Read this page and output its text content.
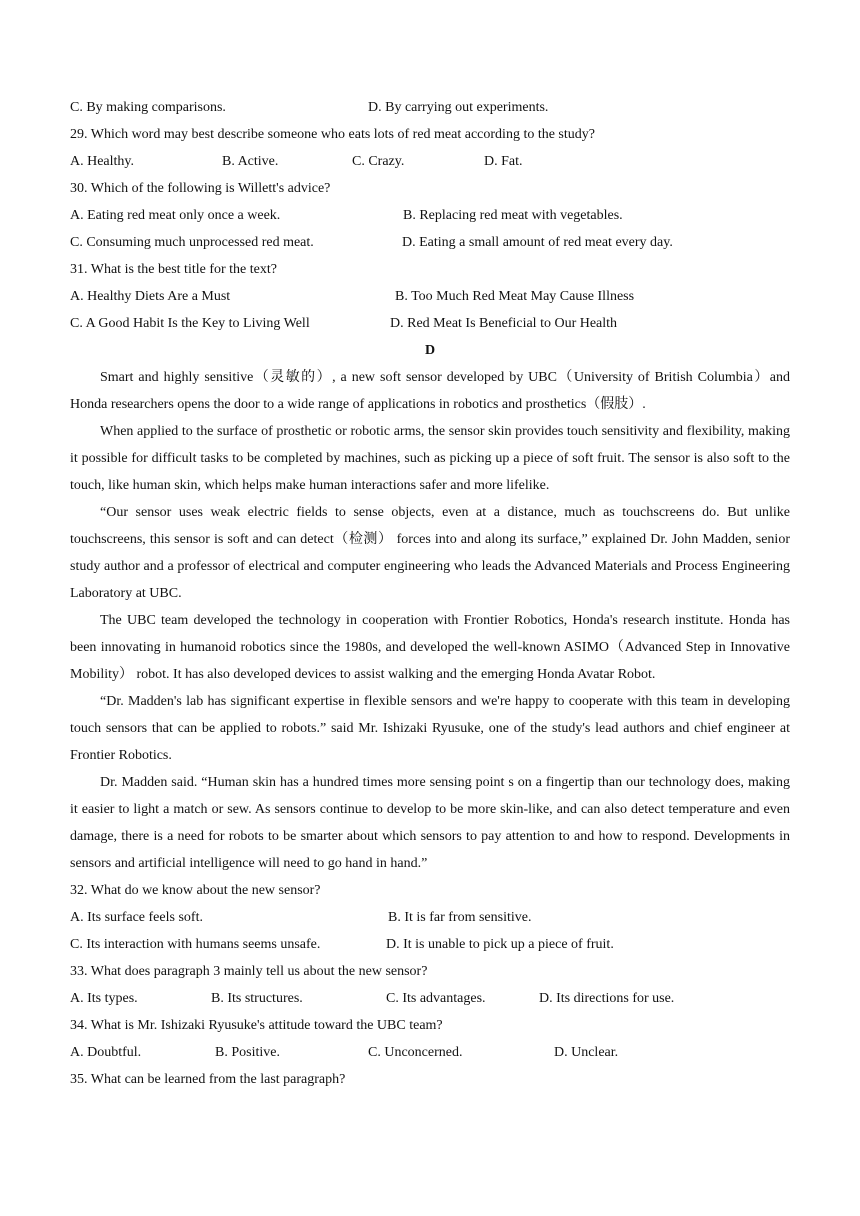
C. By making comparisons.	D. By carrying out experiments.
29. Which word may best describe someone who eats lots of red meat according to the study?
A. Healthy.	B. Active.	C. Crazy.	D. Fat.
30. Which of the following is Willett's advice?
A. Eating red meat only once a week.	B. Replacing red meat with vegetables.
C. Consuming much unprocessed red meat.	D. Eating a small amount of red meat every day.
31. What is the best title for the text?
A. Healthy Diets Are a Must	B. Too Much Red Meat May Cause Illness
C. A Good Habit Is the Key to Living Well	D. Red Meat Is Beneficial to Our Health
D

Smart and highly sensitive（灵敏的）, a new soft sensor developed by UBC（University of British Columbia）and Honda researchers opens the door to a wide range of applications in robotics and prosthetics（假肢）.

When applied to the surface of prosthetic or robotic arms, the sensor skin provides touch sensitivity and flexibility, making it possible for difficult tasks to be completed by machines, such as picking up a piece of soft fruit. The sensor is also soft to the touch, like human skin, which helps make human interactions safer and more lifelike.

“Our sensor uses weak electric fields to sense objects, even at a distance, much as touchscreens do. But unlike touchscreens, this sensor is soft and can detect（检测） forces into and along its surface,” explained Dr. John Madden, senior study author and a professor of electrical and computer engineering who leads the Advanced Materials and Process Engineering Laboratory at UBC.

The UBC team developed the technology in cooperation with Frontier Robotics, Honda's research institute. Honda has been innovating in humanoid robotics since the 1980s, and developed the well-known ASIMO（Advanced Step in Innovative Mobility） robot. It has also developed devices to assist walking and the emerging Honda Avatar Robot.

“Dr. Madden's lab has significant expertise in flexible sensors and we're happy to cooperate with this team in developing touch sensors that can be applied to robots.” said Mr. Ishizaki Ryusuke, one of the study's lead authors and chief engineer at Frontier Robotics.

Dr. Madden said. “Human skin has a hundred times more sensing point s on a fingertip than our technology does, making it easier to light a match or sew. As sensors continue to develop to be more skin-like, and can also detect temperature and even damage, there is a need for robots to be smarter about which sensors to pay attention to and how to respond. Developments in sensors and artificial intelligence will need to go hand in hand.”

32. What do we know about the new sensor?
A. Its surface feels soft.	B. It is far from sensitive.
C. Its interaction with humans seems unsafe.	D. It is unable to pick up a piece of fruit.
33. What does paragraph 3 mainly tell us about the new sensor?
A. Its types.	B. Its structures.	C. Its advantages.	D. Its directions for use.
34. What is Mr. Ishizaki Ryusuke's attitude toward the UBC team?
A. Doubtful.	B. Positive.	C. Unconcerned.	D. Unclear.
35. What can be learned from the last paragraph?
